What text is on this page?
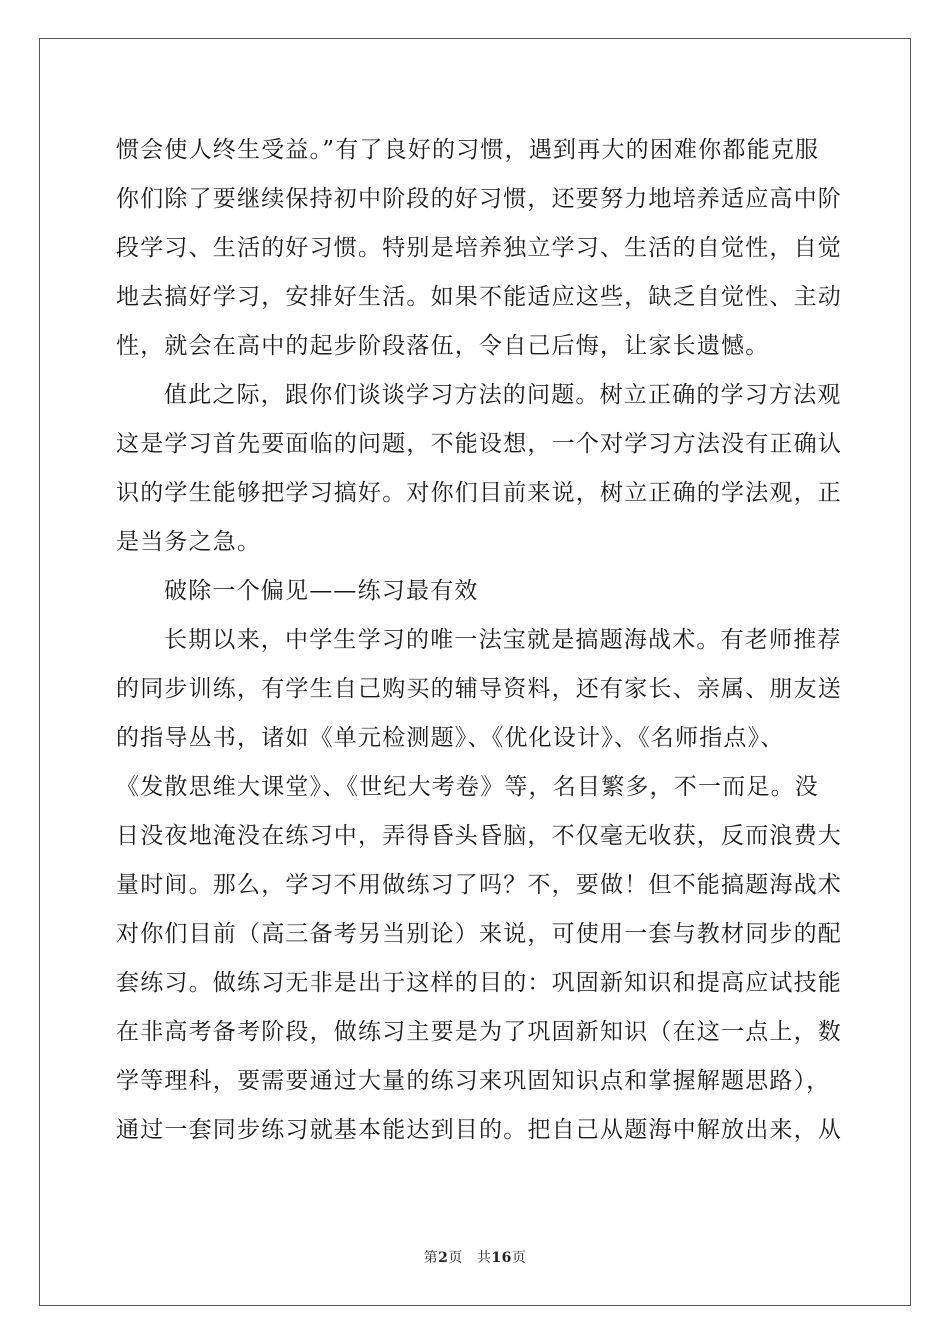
惯会使人终生受益。”有了良好的习惯，遇到再大的困难你都能克服
你们除了要继续保持初中阶段的好习惯，还要努力地培养适应高中阶
段学习、生活的好习惯。特别是培养独立学习、生活的自觉性，自觉
地去搞好学习，安排好生活。如果不能适应这些，缺乏自觉性、主动
性，就会在高中的起步阶段落伍，令自己后悔，让家长遗憾。
值此之际，跟你们谈谈学习方法的问题。树立正确的学习方法观
这是学习首先要面临的问题，不能设想，一个对学习方法没有正确认
识的学生能够把学习搞好。对你们目前来说，树立正确的学法观，正
是当务之急。
破除一个偏见——练习最有效
长期以来，中学生学习的唯一法宝就是搞题海战术。有老师推荐
的同步训练，有学生自己购买的辅导资料，还有家长、亲属、朋友送
的指导丛书，诸如《单元检测题》、《优化设计》、《名师指点》、
《发散思维大课堂》、《世纪大考卷》等，名目繁多，不一而足。没
日没夜地淹没在练习中，弄得昏头昏脑，不仅毫无收获，反而浪费大
量时间。那么，学习不用做练习了吗？不，要做！但不能搞题海战术
对你们目前（高三备考另当别论）来说，可使用一套与教材同步的配
套练习。做练习无非是出于这样的目的：巩固新知识和提高应试技能
在非高考备考阶段，做练习主要是为了巩固新知识（在这一点上，数
学等理科，要需要通过大量的练习来巩固知识点和掌握解题思路），
通过一套同步练习就基本能达到目的。把自己从题海中解放出来，从
第2页 共16页
